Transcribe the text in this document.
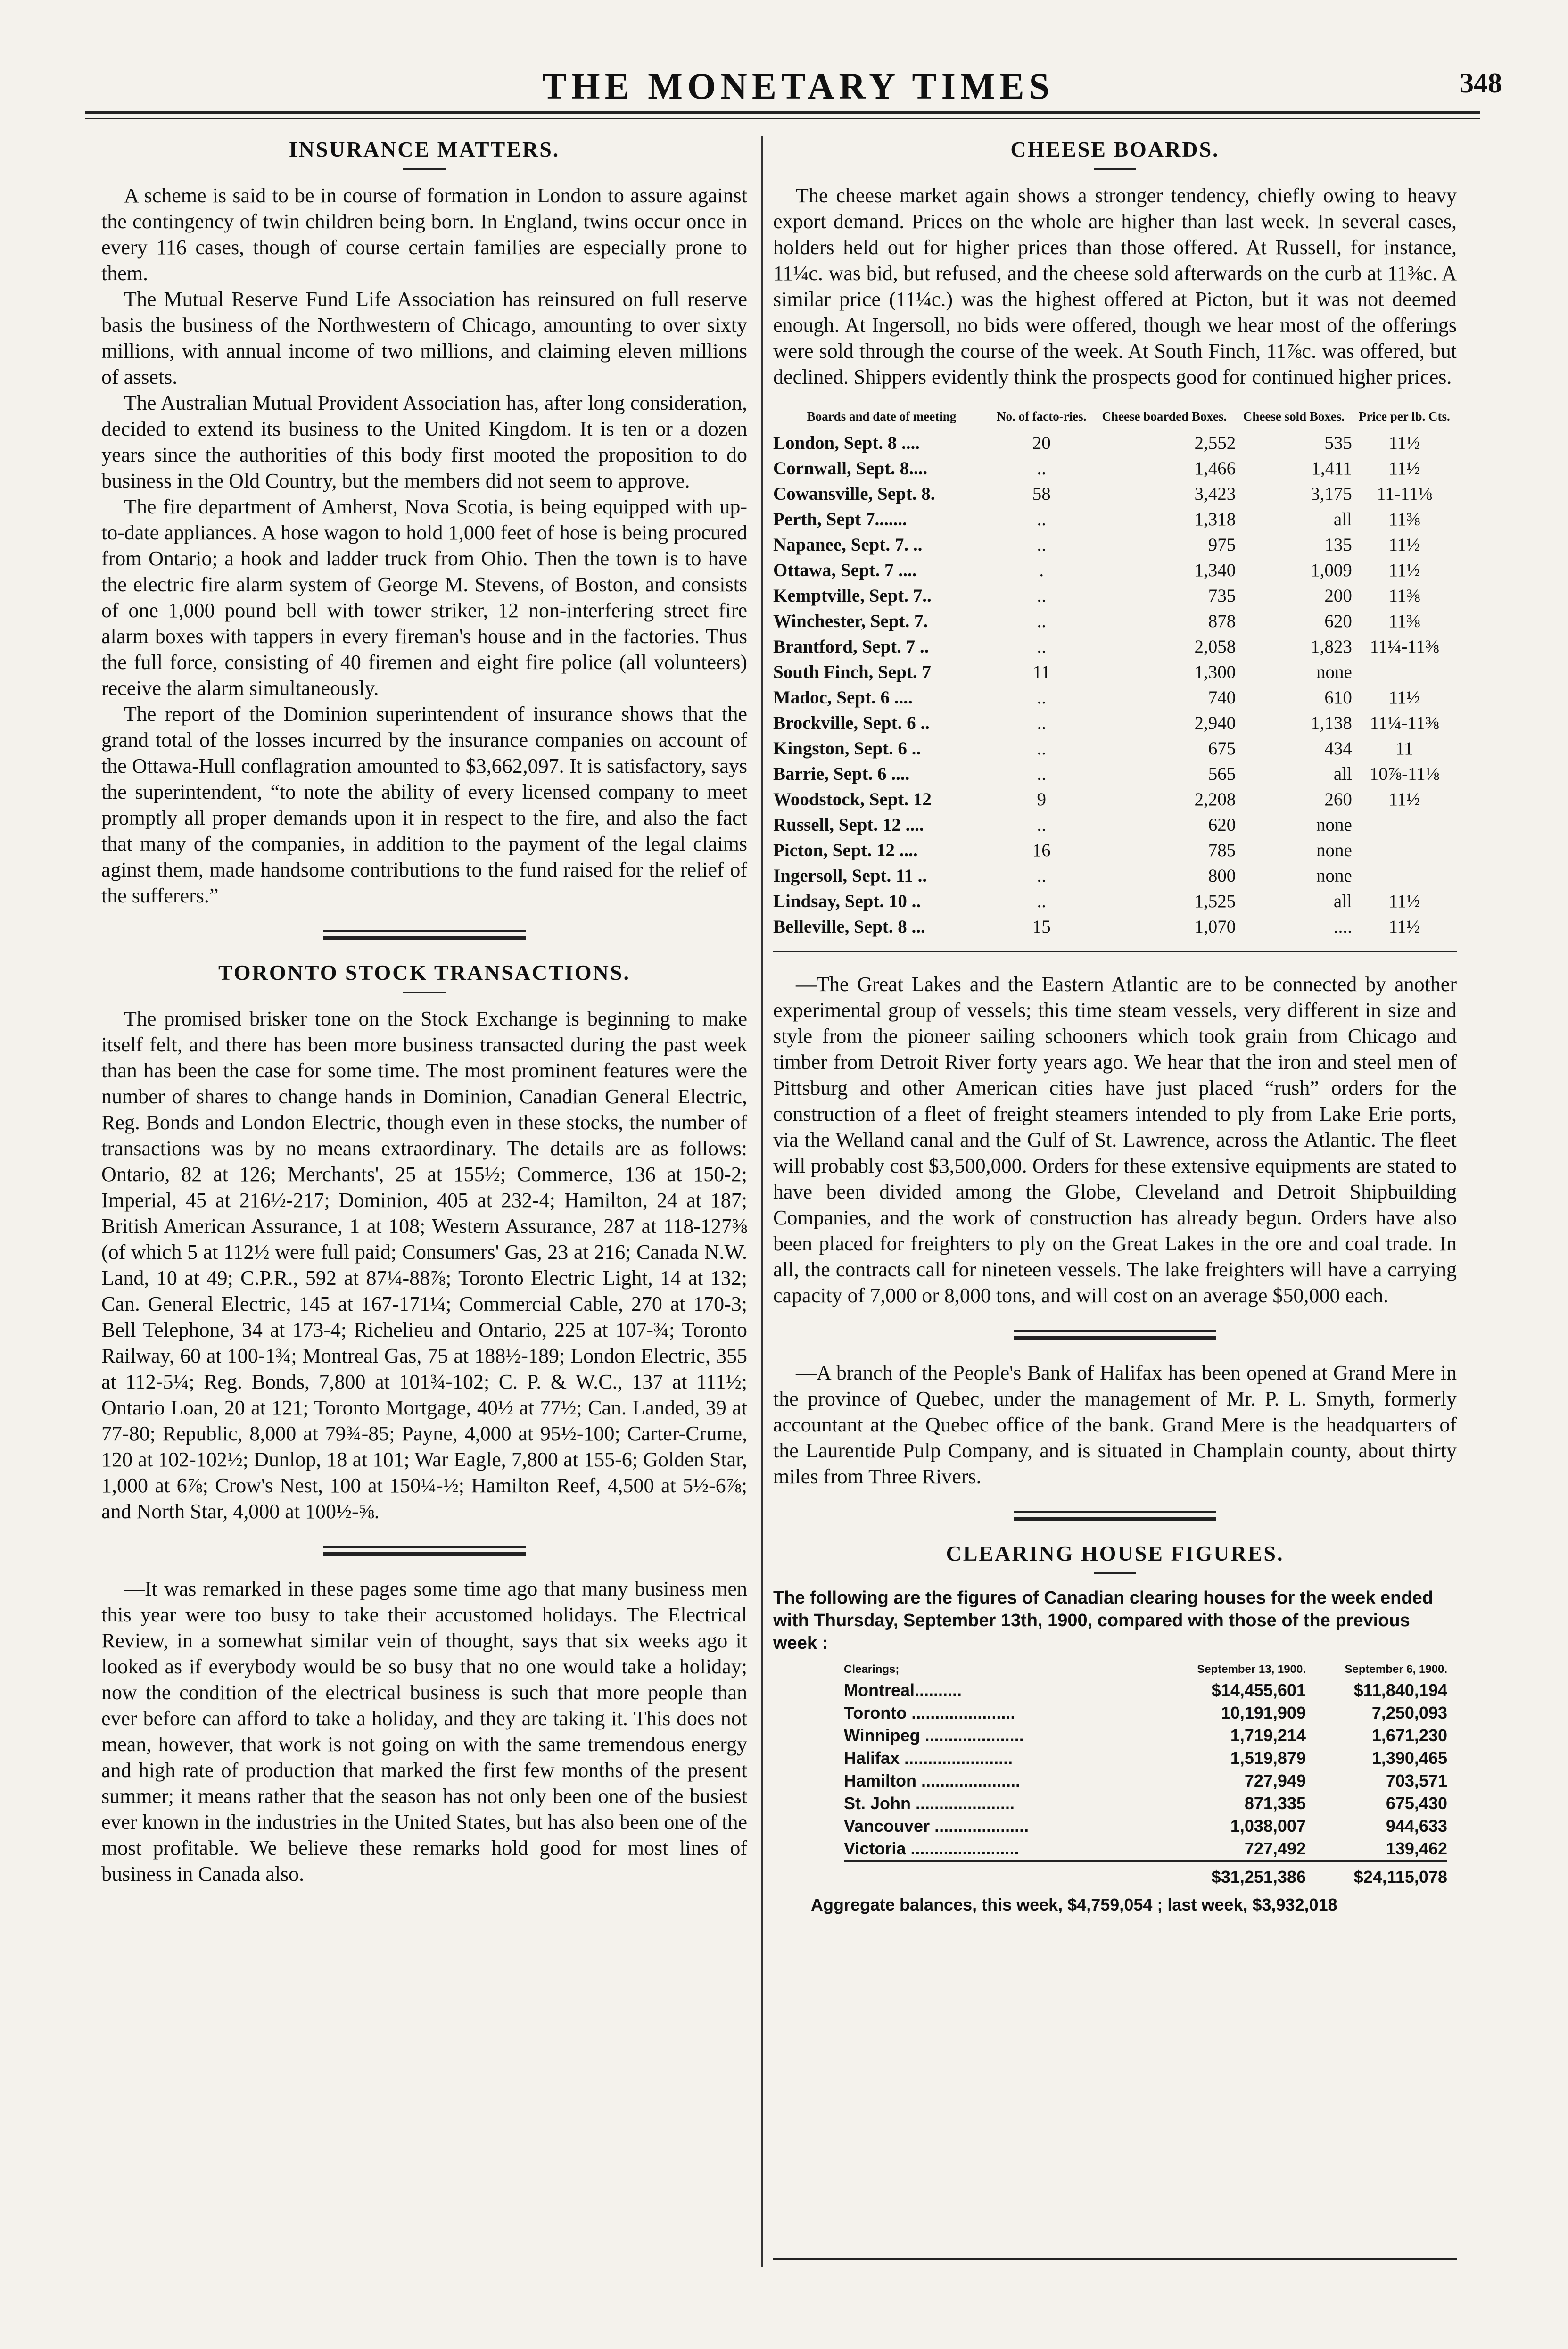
THE MONETARY TIMES	348
INSURANCE MATTERS.

A scheme is said to be in course of formation in London to assure against the contingency of twin children being born. In England, twins occur once in every 116 cases, though of course certain families are especially prone to them.

The Mutual Reserve Fund Life Association has reinsured on full reserve basis the business of the Northwestern of Chicago, amounting to over sixty millions, with annual income of two millions, and claiming eleven millions of assets.

The Australian Mutual Provident Association has, after long consideration, decided to extend its business to the United Kingdom. It is ten or a dozen years since the authorities of this body first mooted the proposition to do business in the Old Country, but the members did not seem to approve.

The fire department of Amherst, Nova Scotia, is being equipped with up-to-date appliances. A hose wagon to hold 1,000 feet of hose is being procured from Ontario; a hook and ladder truck from Ohio. Then the town is to have the electric fire alarm system of George M. Stevens, of Boston, and consists of one 1,000 pound bell with tower striker, 12 non-interfering street fire alarm boxes with tappers in every fireman's house and in the factories. Thus the full force, consisting of 40 firemen and eight fire police (all volunteers) receive the alarm simultaneously.

The report of the Dominion superintendent of insurance shows that the grand total of the losses incurred by the insurance companies on account of the Ottawa-Hull conflagration amounted to $3,662,097. It is satisfactory, says the superintendent, “to note the ability of every licensed company to meet promptly all proper demands upon it in respect to the fire, and also the fact that many of the companies, in addition to the payment of the legal claims aginst them, made handsome contributions to the fund raised for the relief of the sufferers.”

TORONTO STOCK TRANSACTIONS.

The promised brisker tone on the Stock Exchange is beginning to make itself felt, and there has been more business transacted during the past week than has been the case for some time. The most prominent features were the number of shares to change hands in Dominion, Canadian General Electric, Reg. Bonds and London Electric, though even in these stocks, the number of transactions was by no means extraordinary. The details are as follows: Ontario, 82 at 126; Merchants', 25 at 155½; Commerce, 136 at 150-2; Imperial, 45 at 216½-217; Dominion, 405 at 232-4; Hamilton, 24 at 187; British American Assurance, 1 at 108; Western Assurance, 287 at 118-127⅜ (of which 5 at 112½ were full paid; Consumers' Gas, 23 at 216; Canada N.W. Land, 10 at 49; C.P.R., 592 at 87¼-88⅞; Toronto Electric Light, 14 at 132; Can. General Electric, 145 at 167-171¼; Commercial Cable, 270 at 170-3; Bell Telephone, 34 at 173-4; Richelieu and Ontario, 225 at 107-¾; Toronto Railway, 60 at 100-1¾; Montreal Gas, 75 at 188½-189; London Electric, 355 at 112-5¼; Reg. Bonds, 7,800 at 101¾-102; C. P. & W.C., 137 at 111½; Ontario Loan, 20 at 121; Toronto Mortgage, 40½ at 77½; Can. Landed, 39 at 77-80; Republic, 8,000 at 79¾-85; Payne, 4,000 at 95½-100; Carter-Crume, 120 at 102-102½; Dunlop, 18 at 101; War Eagle, 7,800 at 155-6; Golden Star, 1,000 at 6⅞; Crow's Nest, 100 at 150¼-½; Hamilton Reef, 4,500 at 5½-6⅞; and North Star, 4,000 at 100½-⅝.

—It was remarked in these pages some time ago that many business men this year were too busy to take their accustomed holidays. The Electrical Review, in a somewhat similar vein of thought, says that six weeks ago it looked as if everybody would be so busy that no one would take a holiday; now the condition of the electrical business is such that more people than ever before can afford to take a holiday, and they are taking it. This does not mean, however, that work is not going on with the same tremendous energy and high rate of production that marked the first few months of the present summer; it means rather that the season has not only been one of the busiest ever known in the industries in the United States, but has also been one of the most profitable. We believe these remarks hold good for most lines of business in Canada also.

CHEESE BOARDS.

The cheese market again shows a stronger tendency, chiefly owing to heavy export demand. Prices on the whole are higher than last week. In several cases, holders held out for higher prices than those offered. At Russell, for instance, 11¼c. was bid, but refused, and the cheese sold afterwards on the curb at 11⅜c. A similar price (11¼c.) was the highest offered at Picton, but it was not deemed enough. At Ingersoll, no bids were offered, though we hear most of the offerings were sold through the course of the week. At South Finch, 11⅞c. was offered, but declined. Shippers evidently think the prospects good for continued higher prices.

Boards and date of meeting	No. of facto-ries.	Cheese boarded Boxes.	Cheese sold Boxes.	Price per lb. Cts.
London, Sept. 8 ....	20	2,552	535	11½
Cornwall, Sept. 8....	..	1,466	1,411	11½
Cowansville, Sept. 8.	58	3,423	3,175	11-11⅛
Perth, Sept 7.......	..	1,318	all	11⅜
Napanee, Sept. 7. ..	..	975	135	11½
Ottawa, Sept. 7 ....	.	1,340	1,009	11½
Kemptville, Sept. 7..	..	735	200	11⅜
Winchester, Sept. 7.	..	878	620	11⅜
Brantford, Sept. 7 ..	..	2,058	1,823	11¼-11⅜
South Finch, Sept. 7	11	1,300	none	
Madoc, Sept. 6 ....	..	740	610	11½
Brockville, Sept. 6 ..	..	2,940	1,138	11¼-11⅜
Kingston, Sept. 6 ..	..	675	434	11
Barrie, Sept. 6 ....	..	565	all	10⅞-11⅛
Woodstock, Sept. 12	9	2,208	260	11½
Russell, Sept. 12 ....	..	620	none	
Picton, Sept. 12 ....	16	785	none	
Ingersoll, Sept. 11 ..	..	800	none	
Lindsay, Sept. 10 ..	..	1,525	all	11½
Belleville, Sept. 8 ...	15	1,070	....	11½

—The Great Lakes and the Eastern Atlantic are to be connected by another experimental group of vessels; this time steam vessels, very different in size and style from the pioneer sailing schooners which took grain from Chicago and timber from Detroit River forty years ago. We hear that the iron and steel men of Pittsburg and other American cities have just placed “rush” orders for the construction of a fleet of freight steamers intended to ply from Lake Erie ports, via the Welland canal and the Gulf of St. Lawrence, across the Atlantic. The fleet will probably cost $3,500,000. Orders for these extensive equipments are stated to have been divided among the Globe, Cleveland and Detroit Shipbuilding Companies, and the work of construction has already begun. Orders have also been placed for freighters to ply on the Great Lakes in the ore and coal trade. In all, the contracts call for nineteen vessels. The lake freighters will have a carrying capacity of 7,000 or 8,000 tons, and will cost on an average $50,000 each.

—A branch of the People's Bank of Halifax has been opened at Grand Mere in the province of Quebec, under the management of Mr. P. L. Smyth, formerly accountant at the Quebec office of the bank. Grand Mere is the headquarters of the Laurentide Pulp Company, and is situated in Champlain county, about thirty miles from Three Rivers.

CLEARING HOUSE FIGURES.

The following are the figures of Canadian clearing houses for the week ended with Thursday, September 13th, 1900, compared with those of the previous week :

Clearings;	September 13, 1900.	September 6, 1900.
Montreal..........	$14,455,601	$11,840,194
Toronto ......................	10,191,909	7,250,093
Winnipeg .....................	1,719,214	1,671,230
Halifax .......................	1,519,879	1,390,465
Hamilton .....................	727,949	703,571
St. John .....................	871,335	675,430
Vancouver ....................	1,038,007	944,633
Victoria .......................	727,492	139,462
	$31,251,386	$24,115,078

Aggregate balances, this week, $4,759,054 ; last week, $3,932,018
